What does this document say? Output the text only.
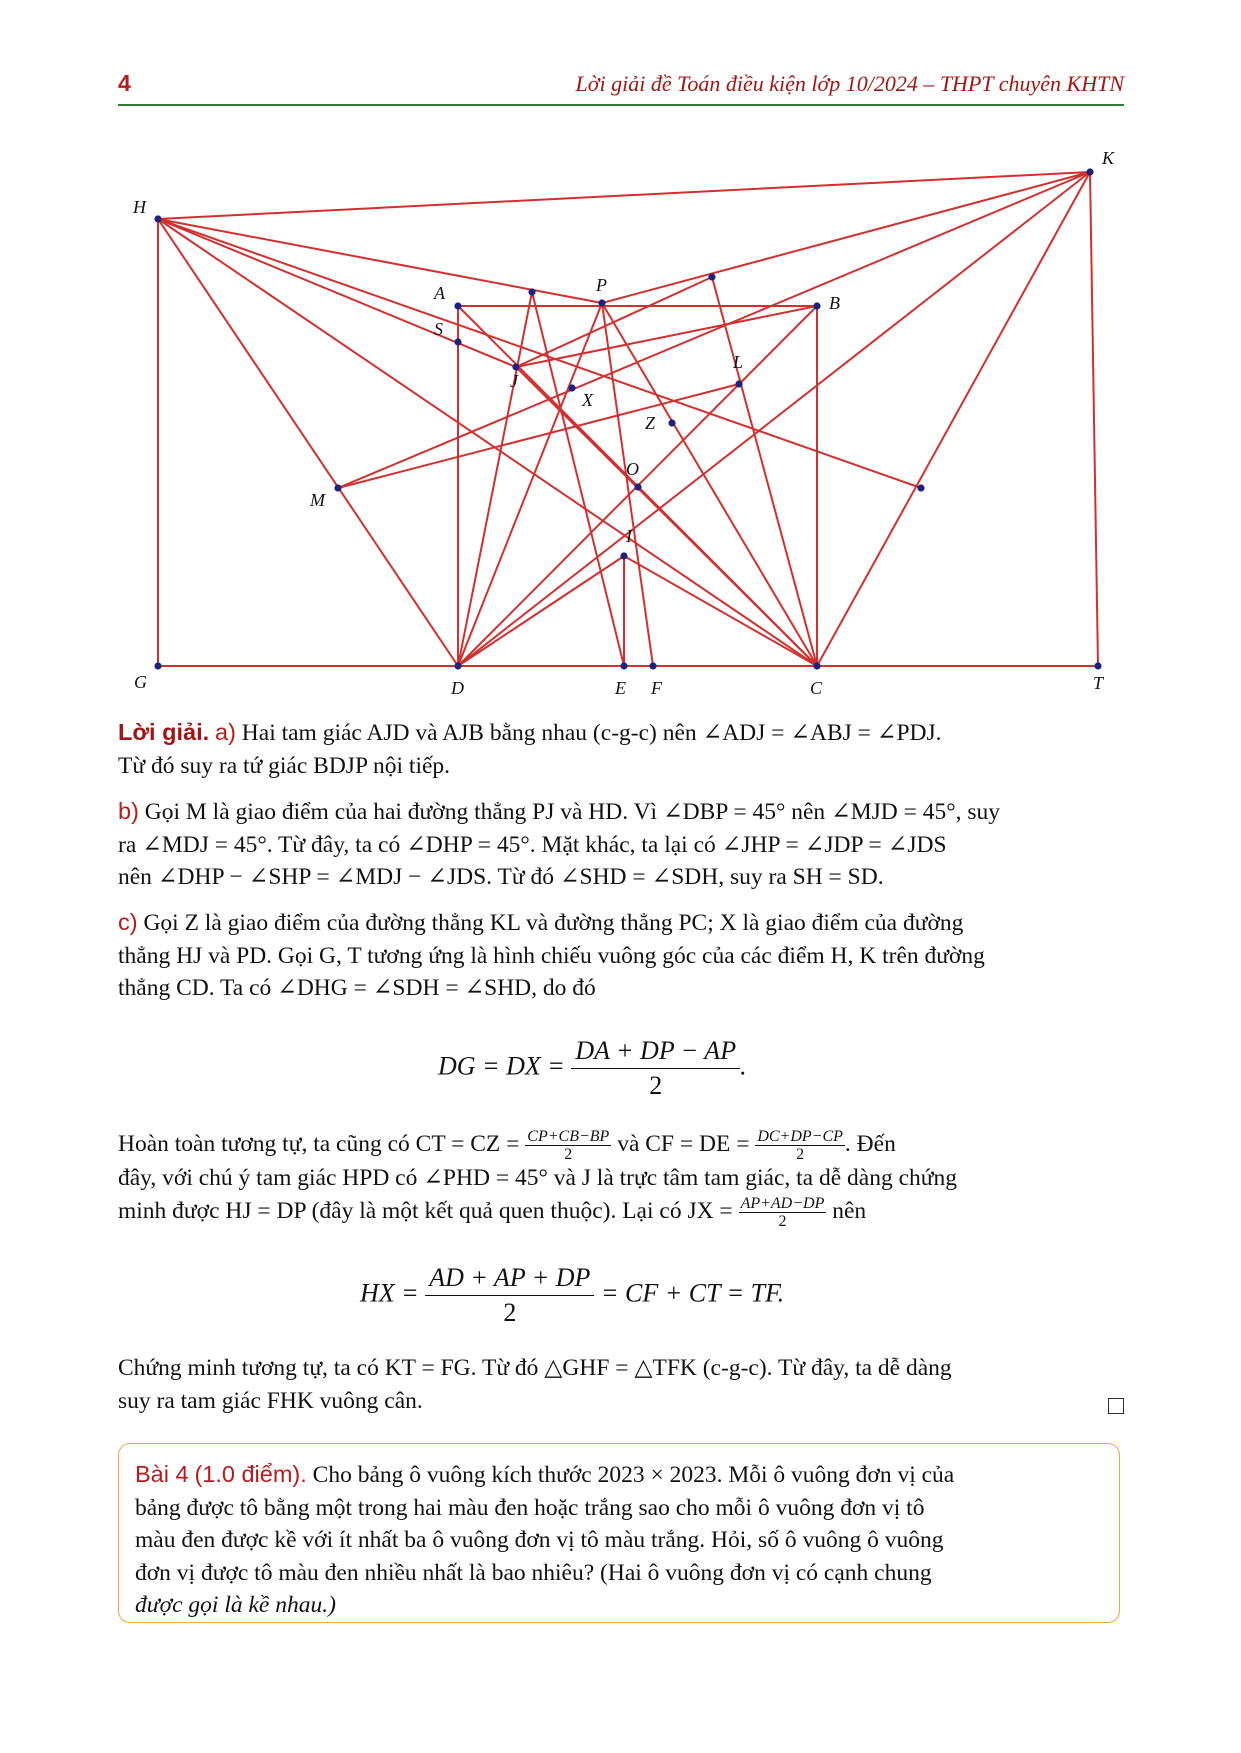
4	Lời giải đề Toán điều kiện lớp 10/2024 – THPT chuyên KHTN
K
H
A	P
B
S
L
J
X
Z
O
M
I
G	D	E F	C	T
Lời giải. a) Hai tam giác AJD và AJB bằng nhau (c-g-c) nên ∠ADJ = ∠ABJ = ∠PDJ.
Từ đó suy ra tứ giác BDJP nội tiếp.
b) Gọi M là giao điểm của hai đường thẳng PJ và HD. Vì ∠DBP = 45° nên ∠MJD = 45°, suy
ra ∠MDJ = 45°. Từ đây, ta có ∠DHP = 45°. Mặt khác, ta lại có ∠JHP = ∠JDP = ∠JDS
nên ∠DHP − ∠SHP = ∠MDJ − ∠JDS. Từ đó ∠SHD = ∠SDH, suy ra SH = SD.
c) Gọi Z là giao điểm của đường thẳng KL và đường thẳng PC; X là giao điểm của đường
thẳng HJ và PD. Gọi G, T tương ứng là hình chiếu vuông góc của các điểm H, K trên đường
thẳng CD. Ta có ∠DHG = ∠SDH = ∠SHD, do đó
DG = DX = $\frac{DA + DP - AP}{2}$ .
Hoàn toàn tương tự, ta cũng có CT = CZ = $\frac{CP+CB-BP}{2}$ và CF = DE = $\frac{DC+DP-CP}{2}$ . Đến
đây, với chú ý tam giác HPD có ∠PHD = 45° và J là trực tâm tam giác, ta dễ dàng chứng
minh được HJ = DP (đây là một kết quả quen thuộc). Lại có JX = $\frac{AP+AD-DP}{2}$ nên
HX = $\frac{AD + AP + DP}{2}$ = CF + CT = TF.
Chứng minh tương tự, ta có KT = FG. Từ đó △GHF = △TFK (c-g-c). Từ đây, ta dễ dàng
suy ra tam giác FHK vuông cân.
Bài 4 (1.0 điểm). Cho bảng ô vuông kích thước 2023 × 2023. Mỗi ô vuông đơn vị của
bảng được tô bằng một trong hai màu đen hoặc trắng sao cho mỗi ô vuông đơn vị tô
màu đen được kề với ít nhất ba ô vuông đơn vị tô màu trắng. Hỏi, số ô vuông ô vuông
đơn vị được tô màu đen nhiều nhất là bao nhiêu? (Hai ô vuông đơn vị có cạnh chung
được gọi là kề nhau.)
